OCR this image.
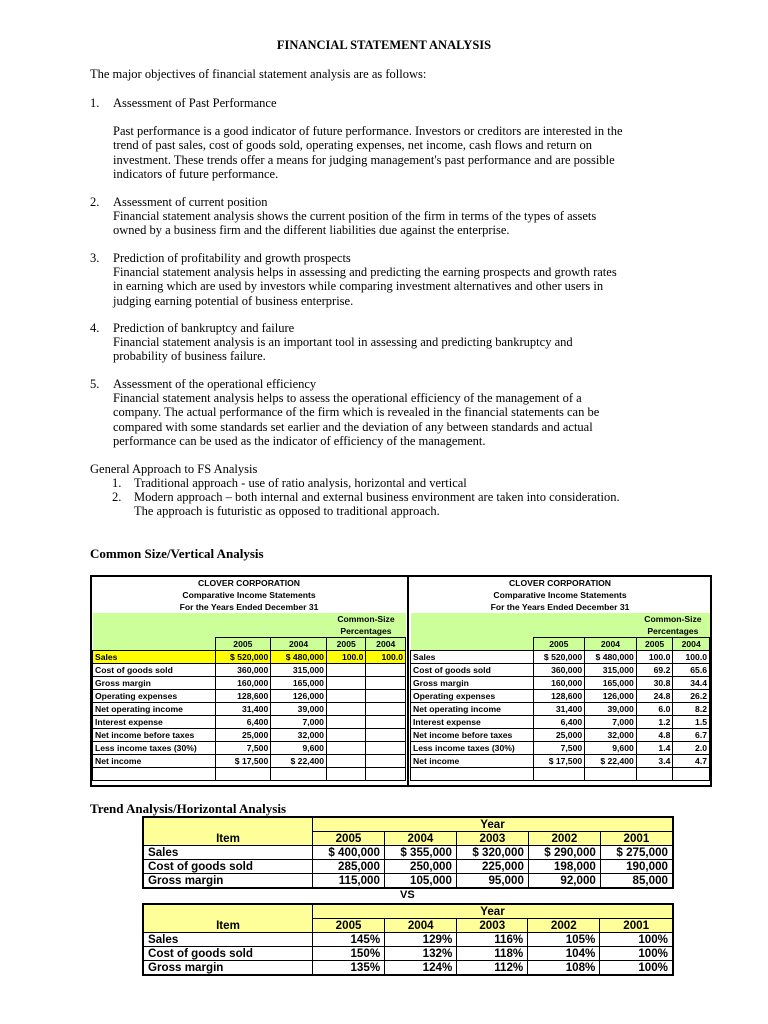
FINANCIAL STATEMENT ANALYSIS
The major objectives of financial statement analysis are as follows:
1.	Assessment of Past Performance
Past performance is a good indicator of future performance. Investors or creditors are interested in the
trend of past sales, cost of goods sold, operating expenses, net income, cash flows and return on
investment. These trends offer a means for judging management's past performance and are possible
indicators of future performance.
2.	Assessment of current position
Financial statement analysis shows the current position of the firm in terms of the types of assets
owned by a business firm and the different liabilities due against the enterprise.
3.	Prediction of profitability and growth prospects
Financial statement analysis helps in assessing and predicting the earning prospects and growth rates
in earning which are used by investors while comparing investment alternatives and other users in
judging earning potential of business enterprise.
4.	Prediction of bankruptcy and failure
Financial statement analysis is an important tool in assessing and predicting bankruptcy and
probability of business failure.
5.	Assessment of the operational efficiency
Financial statement analysis helps to assess the operational efficiency of the management of a
company. The actual performance of the firm which is revealed in the financial statements can be
compared with some standards set earlier and the deviation of any between standards and actual
performance can be used as the indicator of efficiency of the management.
General Approach to FS Analysis
1. Traditional approach - use of ratio analysis, horizontal and vertical
2. Modern approach – both internal and external business environment are taken into consideration.
The approach is futuristic as opposed to traditional approach.
Common Size/Vertical Analysis
CLOVER CORPORATION				
Comparative Income Statements				
For the Years Ended December 31				
			Common-Size	
			Percentages	
	2005	2004	2005	2004
Sales	$ 520,000	$ 480,000	100.0	100.0
Cost of goods sold	360,000	315,000		
Gross margin	160,000	165,000		
Operating expenses	128,600	126,000		
Net operating income	31,400	39,000		
Interest expense	6,400	7,000		
Net income before taxes	25,000	32,000		
Less income taxes (30%)	7,500	9,600		
Net income	$ 17,500	$ 22,400		

CLOVER CORPORATION				
Comparative Income Statements				
For the Years Ended December 31				
			Common-Size	
			Percentages	
	2005	2004	2005	2004
Sales	$ 520,000	$ 480,000	100.0	100.0
Cost of goods sold	360,000	315,000	69.2	65.6
Gross margin	160,000	165,000	30.8	34.4
Operating expenses	128,600	126,000	24.8	26.2
Net operating income	31,400	39,000	6.0	8.2
Interest expense	6,400	7,000	1.2	1.5
Net income before taxes	25,000	32,000	4.8	6.7
Less income taxes (30%)	7,500	9,600	1.4	2.0
Net income	$ 17,500	$ 22,400	3.4	4.7

Trend Analysis/Horizontal Analysis
	Year				
Item	2005	2004	2003	2002	2001
Sales	$ 400,000	$ 355,000	$ 320,000	$ 290,000	$ 275,000
Cost of goods sold	285,000	250,000	225,000	198,000	190,000
Gross margin	115,000	105,000	95,000	92,000	85,000
VS
	Year				
Item	2005	2004	2003	2002	2001
Sales	145%	129%	116%	105%	100%
Cost of goods sold	150%	132%	118%	104%	100%
Gross margin	135%	124%	112%	108%	100%
